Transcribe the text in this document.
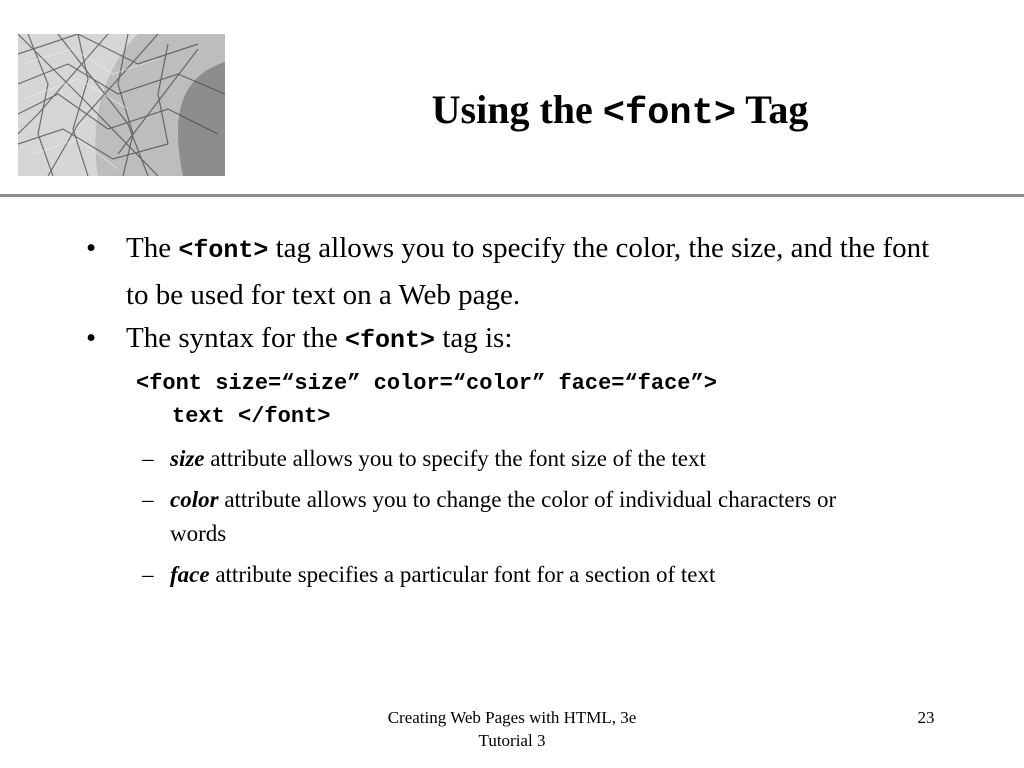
Using the <font> Tag
• The <font> tag allows you to specify the color, the size, and the font to be used for text on a Web page.
• The syntax for the <font> tag is:
<font size=“size” color=“color” face=“face”>
text </font>
– size attribute allows you to specify the font size of the text
– color attribute allows you to change the color of individual characters or words
– face attribute specifies a particular font for a section of text
Creating Web Pages with HTML, 3e
Tutorial 3
23
